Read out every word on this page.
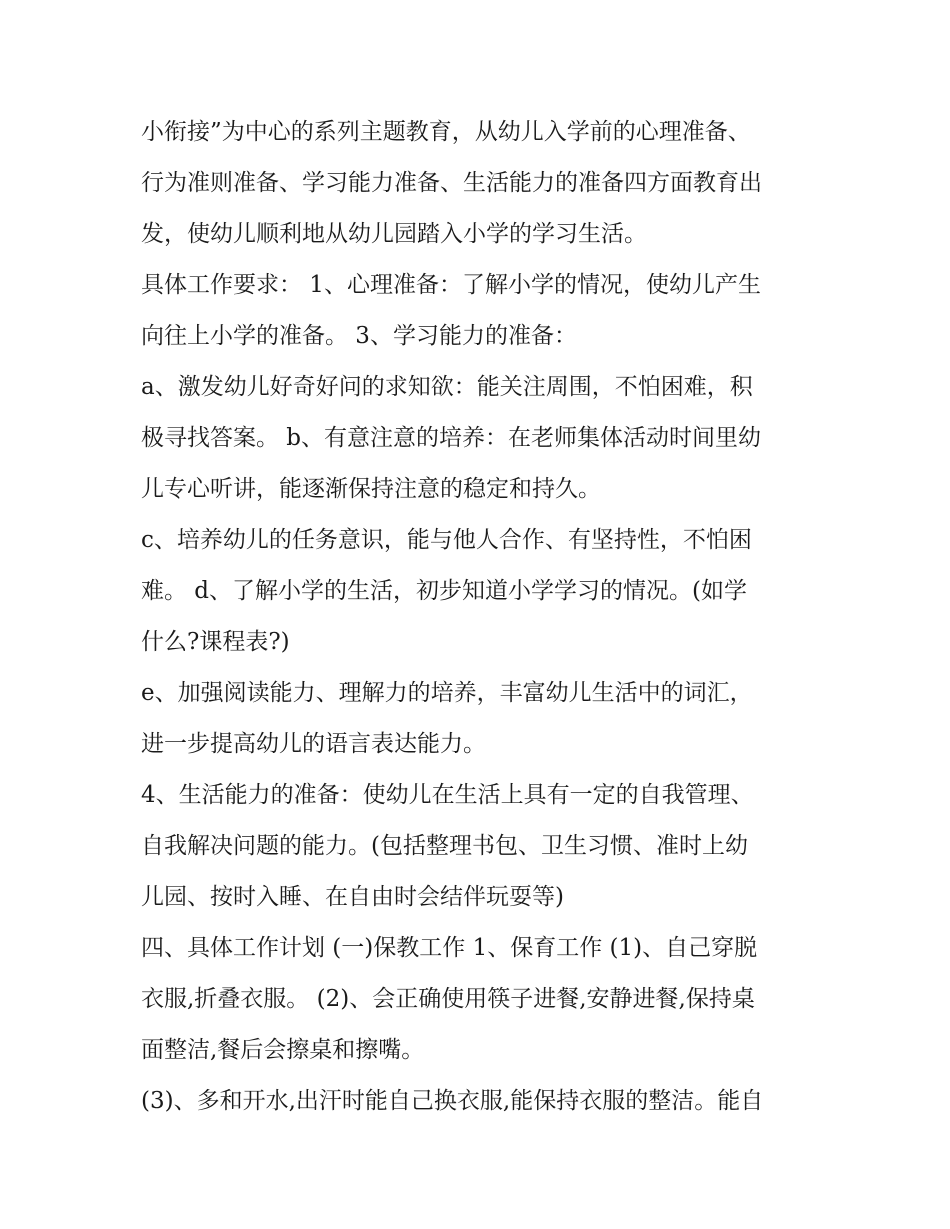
小衔接”为中心的系列主题教育，从幼儿入学前的心理准备、
行为准则准备、学习能力准备、生活能力的准备四方面教育出
发，使幼儿顺利地从幼儿园踏入小学的学习生活。
具体工作要求： 1、心理准备：了解小学的情况，使幼儿产生
向往上小学的准备。 3、学习能力的准备：
a、激发幼儿好奇好问的求知欲：能关注周围，不怕困难，积
极寻找答案。 b、有意注意的培养：在老师集体活动时间里幼
儿专心听讲，能逐渐保持注意的稳定和持久。
c、培养幼儿的任务意识，能与他人合作、有坚持性，不怕困
难。 d、了解小学的生活，初步知道小学学习的情况。(如学
什么?课程表?)
e、加强阅读能力、理解力的培养，丰富幼儿生活中的词汇，
进一步提高幼儿的语言表达能力。
4、生活能力的准备：使幼儿在生活上具有一定的自我管理、
自我解决问题的能力。(包括整理书包、卫生习惯、准时上幼
儿园、按时入睡、在自由时会结伴玩耍等)
四、具体工作计划 (一)保教工作 1、保育工作 (1)、自己穿脱
衣服,折叠衣服。 (2)、会正确使用筷子进餐,安静进餐,保持桌
面整洁,餐后会擦桌和擦嘴。
(3)、多和开水,出汗时能自己换衣服,能保持衣服的整洁。能自
